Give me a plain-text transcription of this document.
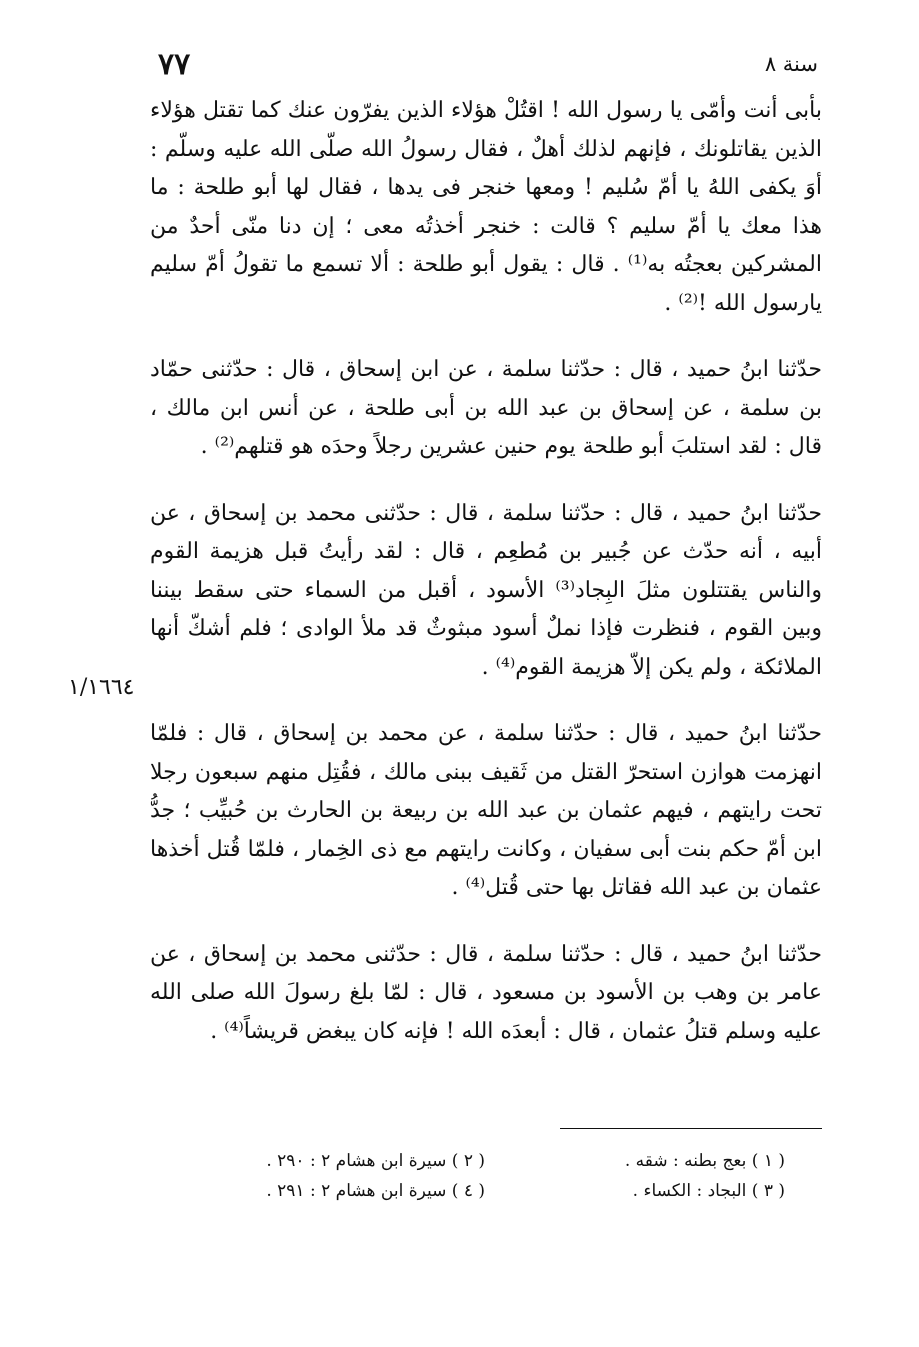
٧٧	سنة ٨

بأبى أنت وأمّى يا رسول الله ! اقتُلْ هؤلاء الذين يفرّون عنك كما تقتل هؤلاء الذين يقاتلونك ، فإنهم لذلك أهلٌ ، فقال رسولُ الله صلّى الله عليه وسلّم : أوَ يكفى اللهُ يا أمّ سُليم ! ومعها خنجر فى يدها ، فقال لها أبو طلحة : ما هذا معك يا أمّ سليم ؟ قالت : خنجر أخذتُه معى ؛ إن دنا منّى أحدٌ من المشركين بعجتُه به⁽¹⁾ . قال : يقول أبو طلحة : ألا تسمع ما تقولُ أمّ سليم يارسول الله !⁽²⁾ .

حدّثنا ابنُ حميد ، قال : حدّثنا سلمة ، عن ابن إسحاق ، قال : حدّثنى حمّاد بن سلمة ، عن إسحاق بن عبد الله بن أبى طلحة ، عن أنس ابن مالك ، قال : لقد استلبَ أبو طلحة يوم حنين عشرين رجلاً وحدَه هو قتلهم⁽²⁾ .

حدّثنا ابنُ حميد ، قال : حدّثنا سلمة ، قال : حدّثنى محمد بن إسحاق ، عن أبيه ، أنه حدّث عن جُبير بن مُطعِم ، قال : لقد رأيتُ قبل هزيمة القوم والناس يقتتلون مثلَ البِجاد⁽³⁾ الأسود ، أقبل من السماء حتى سقط بيننا وبين القوم ، فنظرت فإذا نملٌ أسود مبثوثٌ قد ملأ الوادى ؛ فلم أشكّ أنها الملائكة ، ولم يكن إلاّ هزيمة القوم⁽⁴⁾ .

حدّثنا ابنُ حميد ، قال : حدّثنا سلمة ، عن محمد بن إسحاق ، قال : فلمّا انهزمت هوازن استحرّ القتل من ثَقيف ببنى مالك ، فقُتِل منهم سبعون رجلا تحت رايتهم ، فيهم عثمان بن عبد الله بن ربيعة بن الحارث بن حُبيِّب ؛ جدُّ ابن أمّ حكم بنت أبى سفيان ، وكانت رايتهم مع ذى الخِمار ، فلمّا قُتل أخذها عثمان بن عبد الله فقاتل بها حتى قُتل⁽⁴⁾ .

حدّثنا ابنُ حميد ، قال : حدّثنا سلمة ، قال : حدّثنى محمد بن إسحاق ، عن عامر بن وهب بن الأسود بن مسعود ، قال : لمّا بلغ رسولَ الله صلى الله عليه وسلم قتلُ عثمان ، قال : أبعدَه الله ! فإنه كان يبغض قريشاً⁽⁴⁾ .

١/١٦٦٤
( ١ ) بعج بطنه : شقه .
( ٢ ) سيرة ابن هشام ٢ : ٢٩٠ .
( ٣ ) البجاد : الكساء .
( ٤ ) سيرة ابن هشام ٢ : ٢٩١ .
